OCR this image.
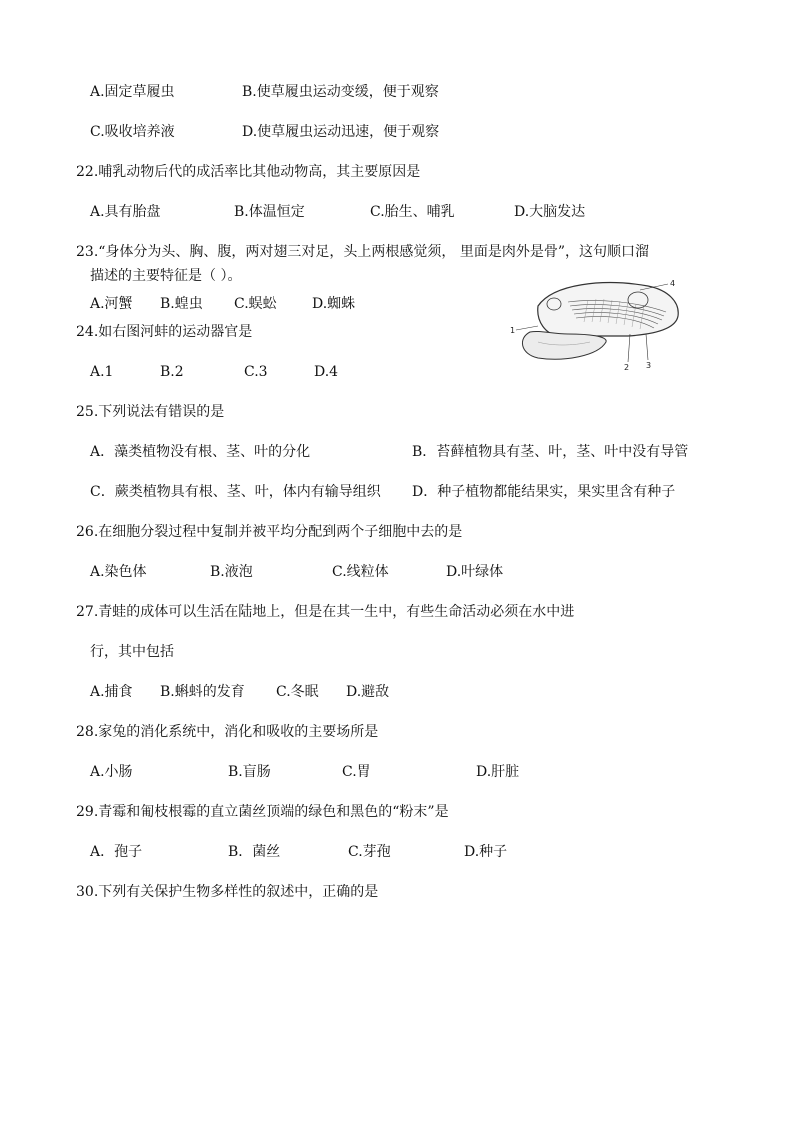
A.固定草履虫	B.使草履虫运动变缓，便于观察
C.吸收培养液	D.使草履虫运动迅速，便于观察
22.哺乳动物后代的成活率比其他动物高，其主要原因是
A.具有胎盘	B.体温恒定	C.胎生、哺乳	D.大脑发达
23.“身体分为头、胸、腹，两对翅三对足，头上两根感觉须， 里面是肉外是骨”，这句顺口溜
描述的主要特征是（ ）。
A.河蟹 B.蝗虫 C.蜈蚣	D.蜘蛛
24.如右图河蚌的运动器官是
A.1	B.2	C.3	D.4
1
2 3
4
25.下列说法有错误的是
A．藻类植物没有根、茎、叶的分化	B．苔藓植物具有茎、叶，茎、叶中没有导管
C．蕨类植物具有根、茎、叶，体内有输导组织 D．种子植物都能结果实，果实里含有种子
26.在细胞分裂过程中复制并被平均分配到两个子细胞中去的是
A.染色体	B.液泡	C.线粒体	D.叶绿体
27.青蛙的成体可以生活在陆地上，但是在其一生中，有些生命活动必须在水中进
行，其中包括
A.捕食 B.蝌蚪的发育 C.冬眠 D.避敌
28.家兔的消化系统中，消化和吸收的主要场所是
A.小肠	B.盲肠	C.胃	D.肝脏
29.青霉和匍枝根霉的直立菌丝顶端的绿色和黑色的“粉末”是
A．孢子	B．菌丝	C.芽孢	D.种子
30.下列有关保护生物多样性的叙述中，正确的是
